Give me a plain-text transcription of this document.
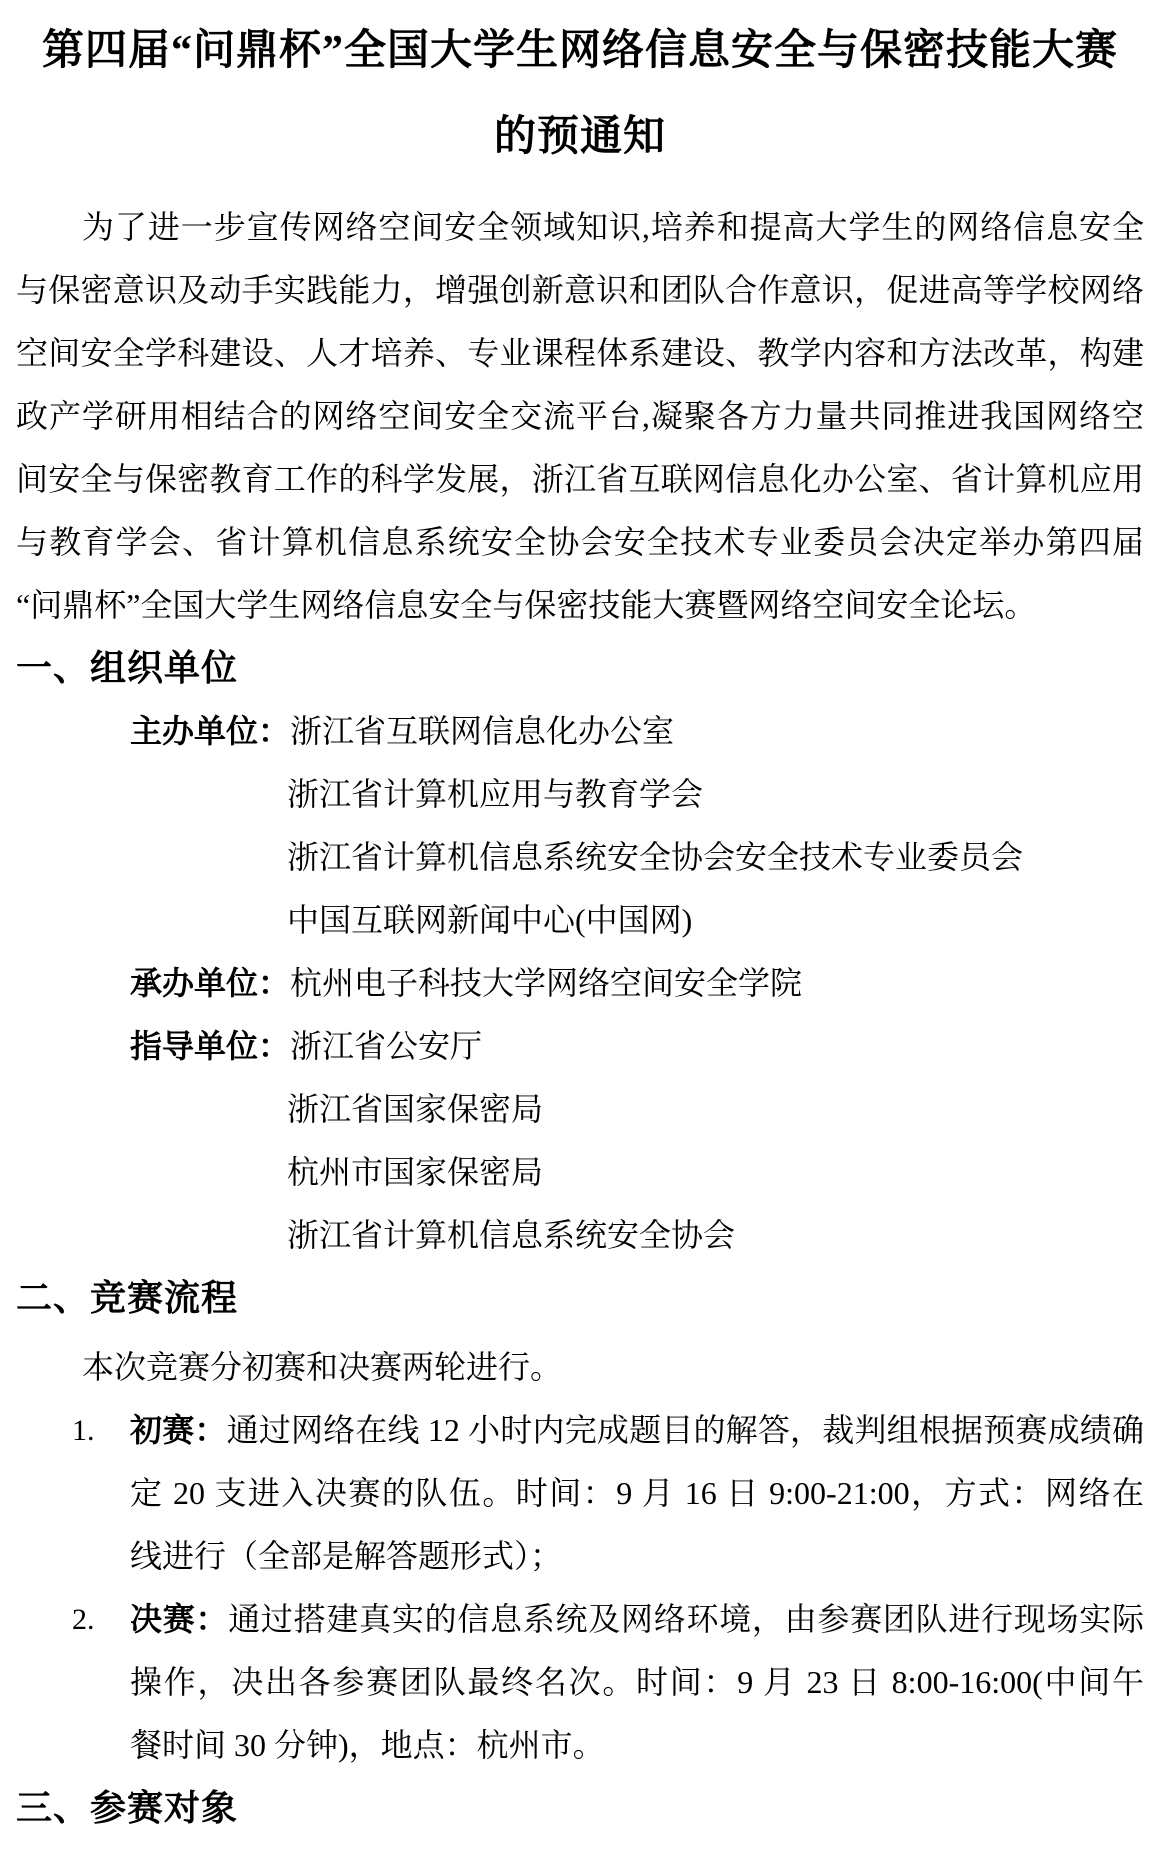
第四届“问鼎杯”全国大学生网络信息安全与保密技能大赛
的预通知
为了进一步宣传网络空间安全领域知识,培养和提高大学生的网络信息安全
与保密意识及动手实践能力，增强创新意识和团队合作意识，促进高等学校网络
空间安全学科建设、人才培养、专业课程体系建设、教学内容和方法改革，构建
政产学研用相结合的网络空间安全交流平台,凝聚各方力量共同推进我国网络空
间安全与保密教育工作的科学发展，浙江省互联网信息化办公室、省计算机应用
与教育学会、省计算机信息系统安全协会安全技术专业委员会决定举办第四届
“问鼎杯”全国大学生网络信息安全与保密技能大赛暨网络空间安全论坛。
一、组织单位
主办单位：浙江省互联网信息化办公室
浙江省计算机应用与教育学会
浙江省计算机信息系统安全协会安全技术专业委员会
中国互联网新闻中心(中国网)
承办单位：杭州电子科技大学网络空间安全学院
指导单位：浙江省公安厅
浙江省国家保密局
杭州市国家保密局
浙江省计算机信息系统安全协会
二、竞赛流程
本次竞赛分初赛和决赛两轮进行。
1. 初赛：通过网络在线 12 小时内完成题目的解答，裁判组根据预赛成绩确
定 20 支进入决赛的队伍。时间：9 月 16 日 9:00-21:00，方式：网络在
线进行（全部是解答题形式）；
2. 决赛：通过搭建真实的信息系统及网络环境，由参赛团队进行现场实际
操作，决出各参赛团队最终名次。时间：9 月 23 日 8:00-16:00(中间午
餐时间 30 分钟)，地点：杭州市。
三、参赛对象
